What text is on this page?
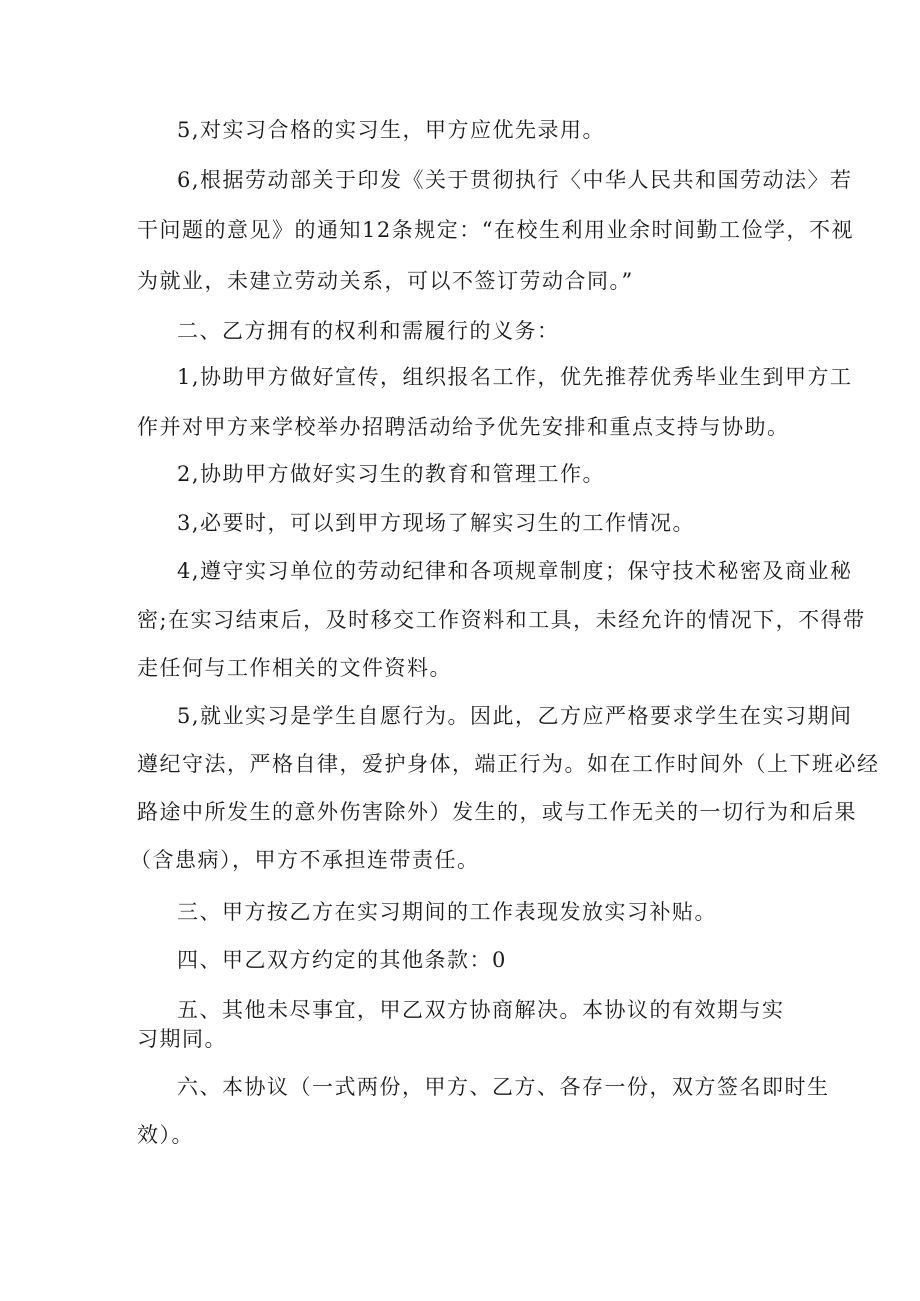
5,对实习合格的实习生，甲方应优先录用。
6,根据劳动部关于印发《关于贯彻执行〈中华人民共和国劳动法〉若
干问题的意见》的通知12条规定：“在校生利用业余时间勤工俭学，不视
为就业，未建立劳动关系，可以不签订劳动合同。”
二、乙方拥有的权利和需履行的义务：
1,协助甲方做好宣传，组织报名工作，优先推荐优秀毕业生到甲方工
作并对甲方来学校举办招聘活动给予优先安排和重点支持与协助。
2,协助甲方做好实习生的教育和管理工作。
3,必要时，可以到甲方现场了解实习生的工作情况。
4,遵守实习单位的劳动纪律和各项规章制度；保守技术秘密及商业秘
密;在实习结束后，及时移交工作资料和工具，未经允许的情况下，不得带
走任何与工作相关的文件资料。
5,就业实习是学生自愿行为。因此，乙方应严格要求学生在实习期间
遵纪守法，严格自律，爱护身体，端正行为。如在工作时间外（上下班必经
路途中所发生的意外伤害除外）发生的，或与工作无关的一切行为和后果
（含患病），甲方不承担连带责任。
三、甲方按乙方在实习期间的工作表现发放实习补贴。
四、甲乙双方约定的其他条款：0
五、其他未尽事宜，甲乙双方协商解决。本协议的有效期与实
习期同。
六、本协议（一式两份，甲方、乙方、各存一份，双方签名即时生
效）。
